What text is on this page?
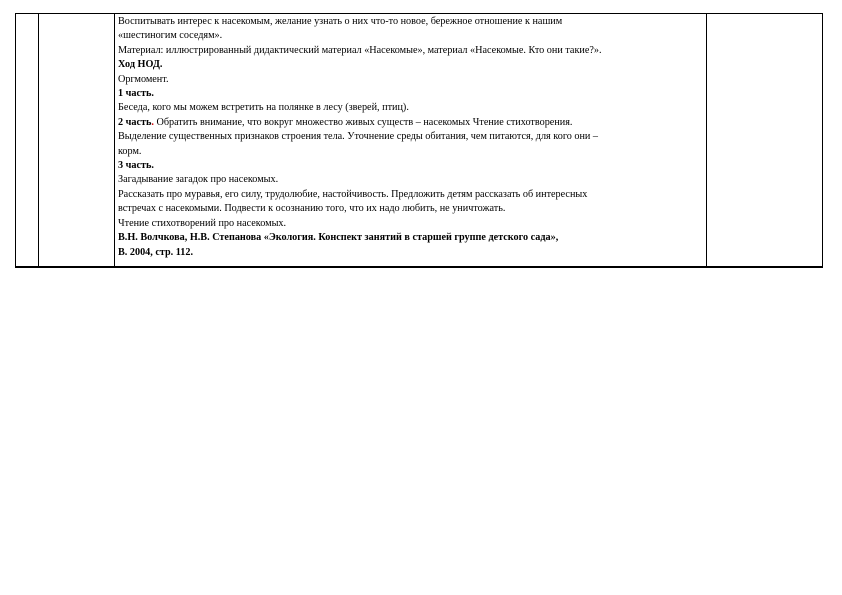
Воспитывать интерес к насекомым, желание узнать о них что-то новое, бережное отношение к нашим
«шестиногим соседям».
Материал: иллюстрированный дидактический материал «Насекомые», материал «Насекомые. Кто они такие?».
Ход НОД.
Оргмомент.
1 часть.
Беседа, кого мы можем встретить на полянке в лесу (зверей, птиц).
2 часть. Обратить внимание, что вокруг множество живых существ – насекомых Чтение стихотворения.
Выделение существенных признаков строения тела. Уточнение среды обитания, чем питаются, для кого они –
корм.
3 часть.
Загадывание загадок про насекомых.
Рассказать про муравья, его силу, трудолюбие, настойчивость. Предложить детям рассказать об интересных
встречах с насекомыми. Подвести к осознанию того, что их надо любить, не уничтожать.
Чтение стихотворений про насекомых.
В.Н. Волчкова, Н.В. Степанова «Экология. Конспект занятий в старшей группе детского сада»,
В. 2004, стр. 112.
